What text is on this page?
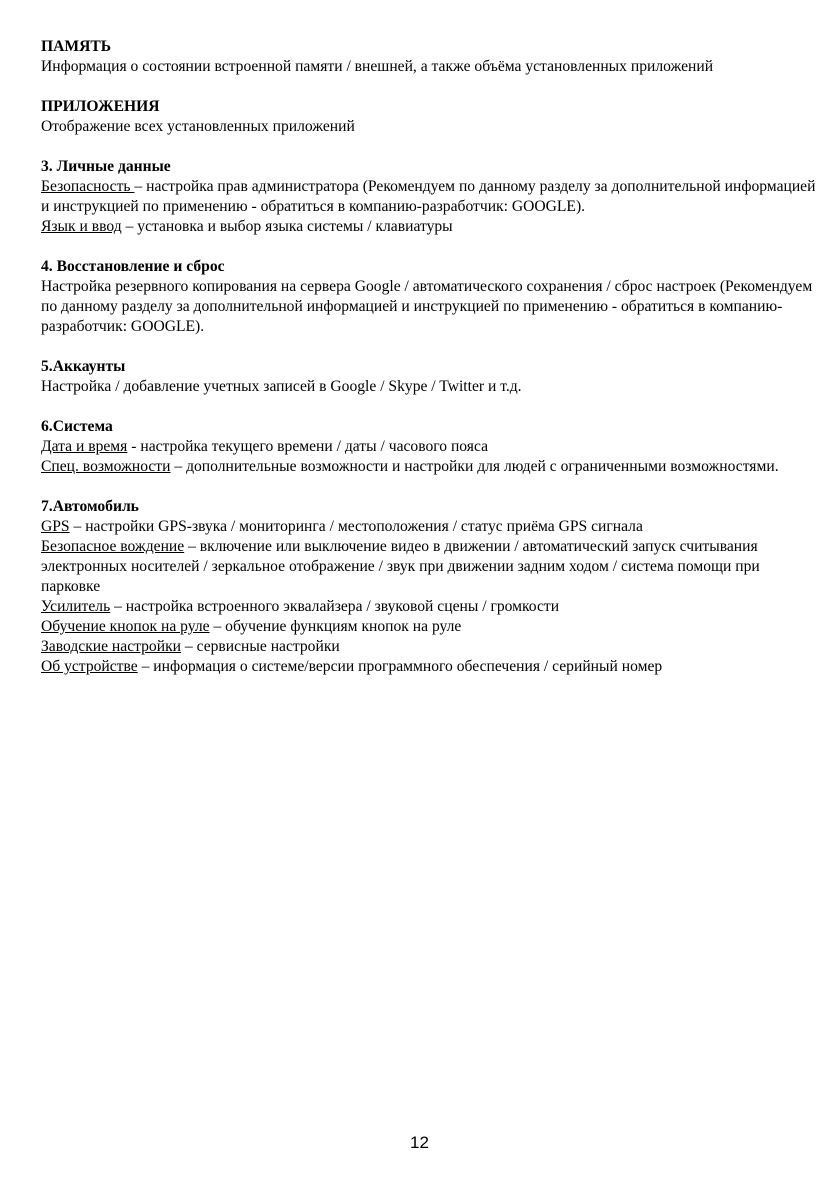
ПАМЯТЬ
Информация о состоянии встроенной памяти / внешней, а также объёма установленных приложений
ПРИЛОЖЕНИЯ
Отображение всех установленных приложений
3. Личные данные
Безопасность – настройка прав администратора (Рекомендуем по данному разделу за дополнительной информацией и инструкцией по применению - обратиться в компанию-разработчик: GOOGLE).
Язык и ввод – установка и выбор языка системы / клавиатуры
4. Восстановление и сброс
Настройка резервного копирования на сервера Google / автоматического сохранения / сброс настроек (Рекомендуем по данному разделу за дополнительной информацией и инструкцией по применению - обратиться в компанию-разработчик: GOOGLE).
5.Аккаунты
Настройка / добавление учетных записей в Google / Skype / Twitter и т.д.
6.Система
Дата и время - настройка текущего времени / даты / часового пояса
Спец. возможности – дополнительные возможности и настройки для людей с ограниченными возможностями.
7.Автомобиль
GPS – настройки GPS-звука / мониторинга / местоположения / статус приёма GPS сигнала
Безопасное вождение – включение или выключение видео в движении / автоматический запуск считывания электронных носителей / зеркальное отображение / звук при движении задним ходом / система помощи при парковке
Усилитель – настройка встроенного эквалайзера / звуковой сцены / громкости
Обучение кнопок на руле – обучение функциям кнопок на руле
Заводские настройки – сервисные настройки
Об устройстве – информация о системе/версии программного обеспечения / серийный номер
12
